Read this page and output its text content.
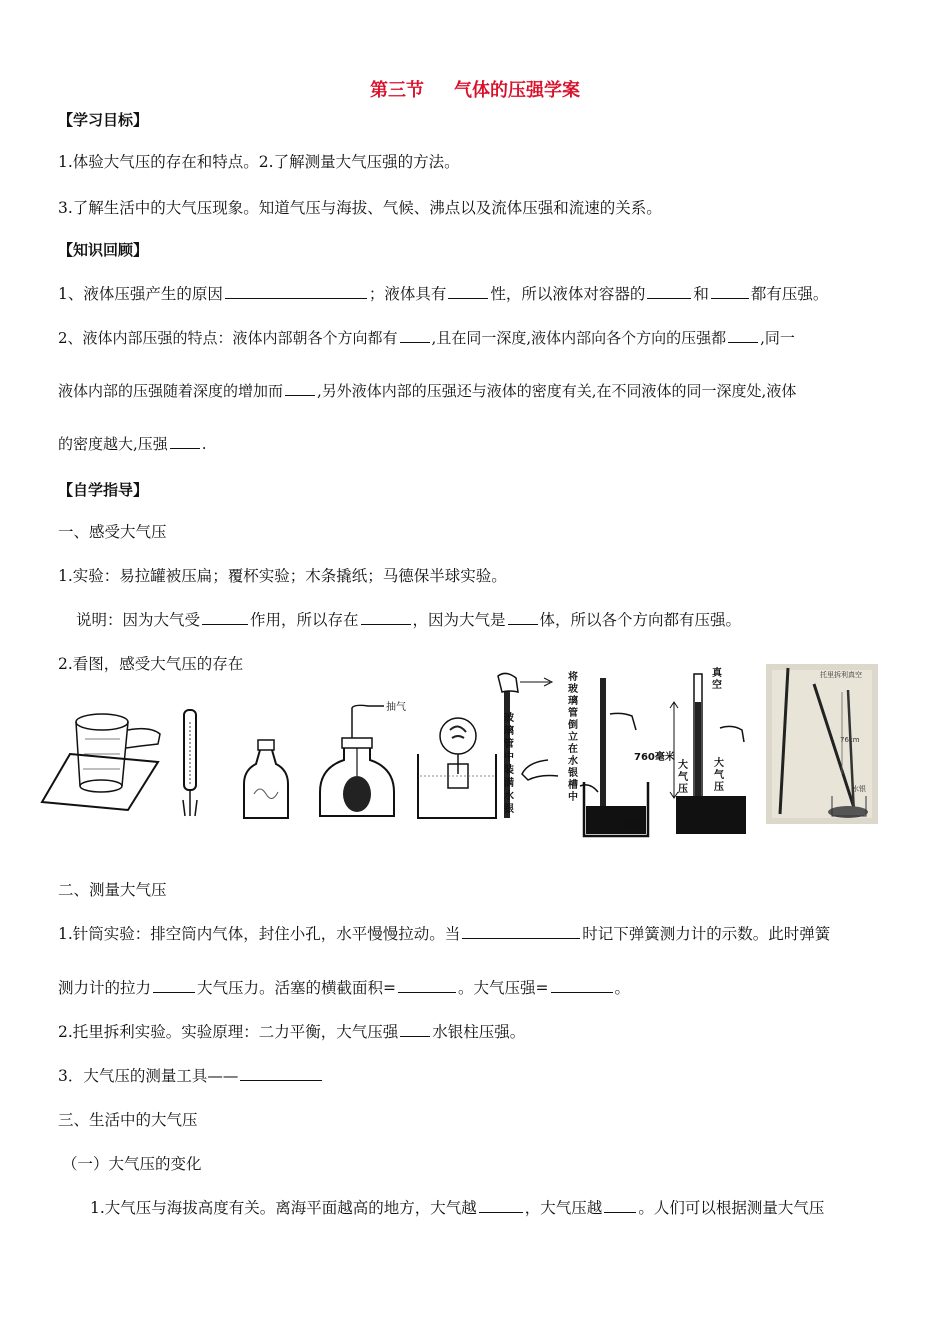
第三节 气体的压强学案
【学习目标】
1.体验大气压的存在和特点。2.了解测量大气压强的方法。
3.了解生活中的大气压现象。知道气压与海拔、气候、沸点以及流体压强和流速的关系。
【知识回顾】
1、液体压强产生的原因	；液体具有	性，所以液体对容器的	和	都有压强。
2、液体内部压强的特点：液体内部朝各个方向都有 ,且在同一深度,液体内部向各个方向的压强都 ,同一
液体内部的压强随着深度的增加而 ,另外液体内部的压强还与液体的密度有关,在不同液体的同一深度处,液体
的密度越大,压强 .
【自学指导】
一、感受大气压
1.实验：易拉罐被压扁；覆杯实验；木条撬纸；马德保半球实验。
说明：因为大气受	作用，所以存在	，因为大气是 体，所以各个方向都有压强。
2.看图，感受大气压的存在
抽气
玻璃管中装满水银
将玻璃管倒立在水银槽中
水银
真空
760毫米
大气压
大气压
托里拆利真空
76cm
水银
二、测量大气压
1.针筒实验：排空筒内气体，封住小孔，水平慢慢拉动。当	时记下弹簧测力计的示数。此时弹簧
测力计的拉力	大气压力。活塞的横截面积=	。大气压强=	。
2.托里拆利实验。实验原理：二力平衡，大气压强 水银柱压强。
3．大气压的测量工具——
三、生活中的大气压
（一）大气压的变化
1.大气压与海拔高度有关。离海平面越高的地方，大气越	，大气压越 。人们可以根据测量大气压
